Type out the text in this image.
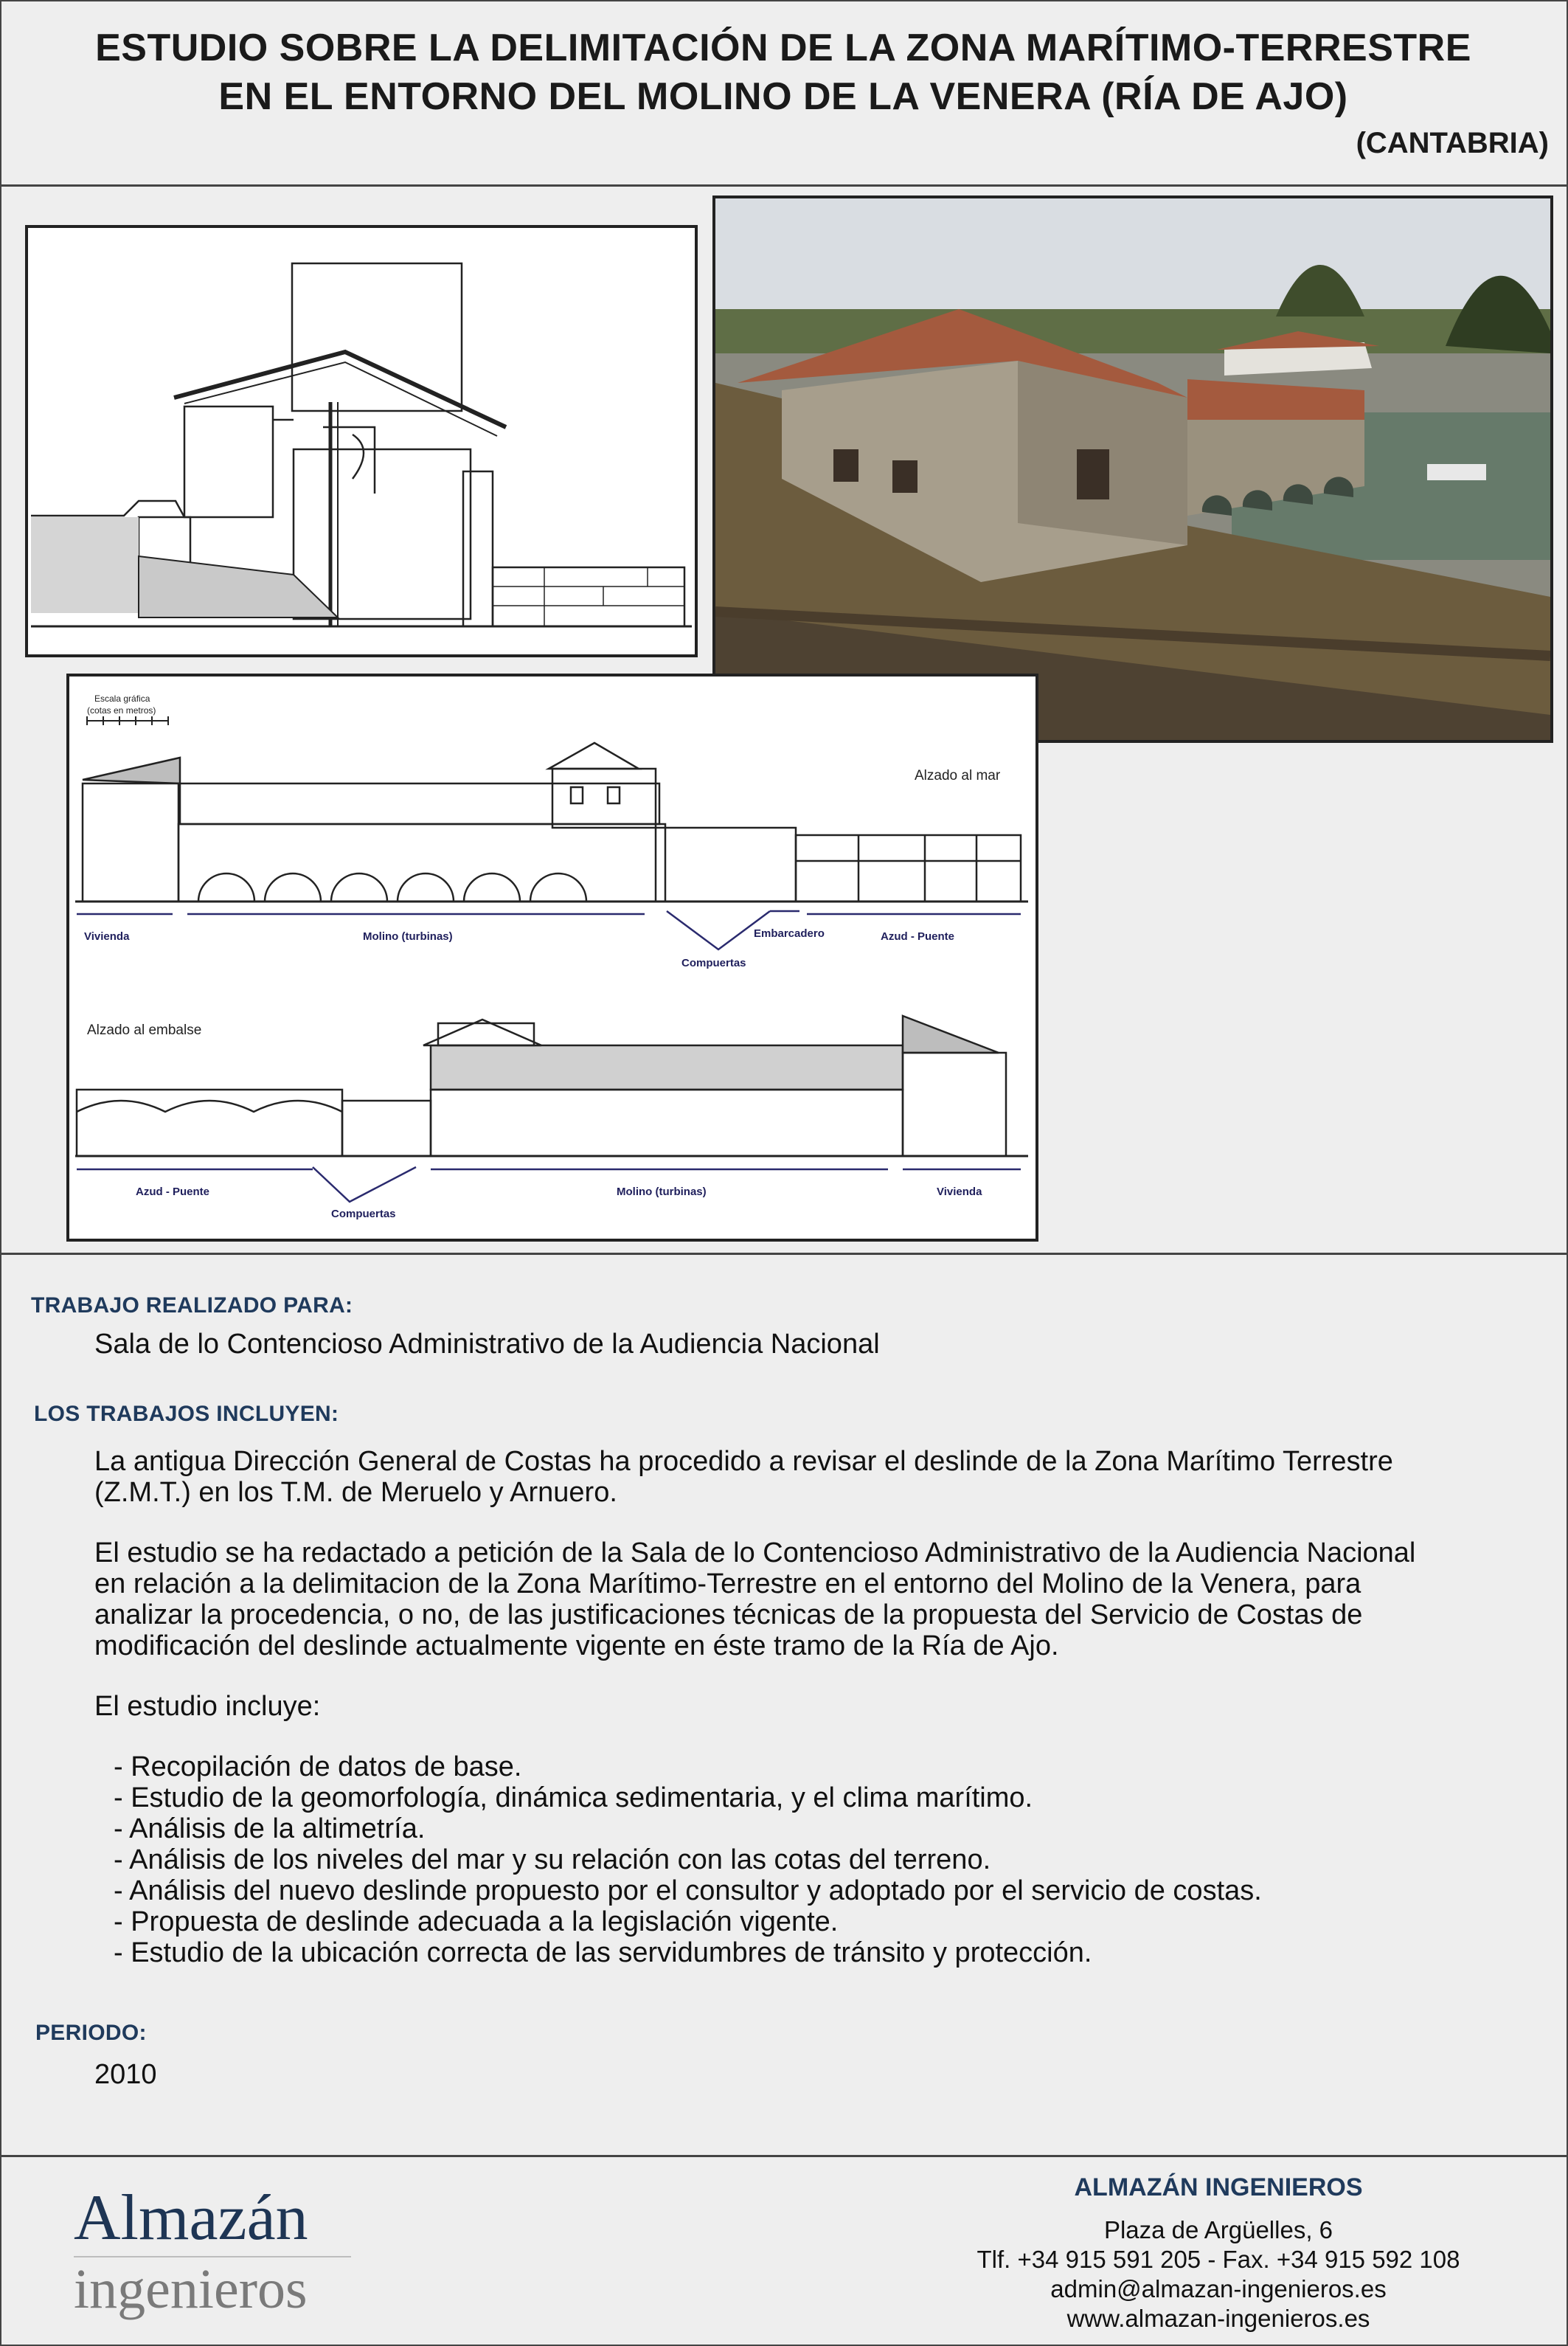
ESTUDIO SOBRE LA DELIMITACIÓN DE LA ZONA MARÍTIMO-TERRESTRE
EN EL ENTORNO DEL MOLINO DE LA VENERA (RÍA DE AJO)
(CANTABRIA)
Escala gráfica
(cotas en metros)
Alzado al mar
Vivienda	Molino (turbinas)
Compuertas
Embarcadero	Azud - Puente
Alzado al embalse
Azud - Puente
Compuertas
Molino (turbinas)	Vivienda
TRABAJO REALIZADO PARA:
Sala de lo Contencioso Administrativo de la Audiencia Nacional
LOS TRABAJOS INCLUYEN:
La antigua Dirección General de Costas ha procedido a revisar el deslinde de la Zona Marítimo Terrestre
(Z.M.T.) en los T.M. de Meruelo y Arnuero.
El estudio se ha redactado a petición de la Sala de lo Contencioso Administrativo de la Audiencia Nacional
en relación a la delimitacion de la Zona Marítimo-Terrestre en el entorno del Molino de la Venera, para
analizar la procedencia, o no, de las justificaciones técnicas de la propuesta del Servicio de Costas de
modificación del deslinde actualmente vigente en éste tramo de la Ría de Ajo.
El estudio incluye:
- Recopilación de datos de base.
- Estudio de la geomorfología, dinámica sedimentaria, y el clima marítimo.
- Análisis de la altimetría.
- Análisis de los niveles del mar y su relación con las cotas del terreno.
- Análisis del nuevo deslinde propuesto por el consultor y adoptado por el servicio de costas.
- Propuesta de deslinde adecuada a la legislación vigente.
- Estudio de la ubicación correcta de las servidumbres de tránsito y protección.
PERIODO:
2010
Almazán
ingenieros
ALMAZÁN INGENIEROS
Plaza de Argüelles, 6
Tlf. +34 915 591 205 - Fax. +34 915 592 108
admin@almazan-ingenieros.es
www.almazan-ingenieros.es
